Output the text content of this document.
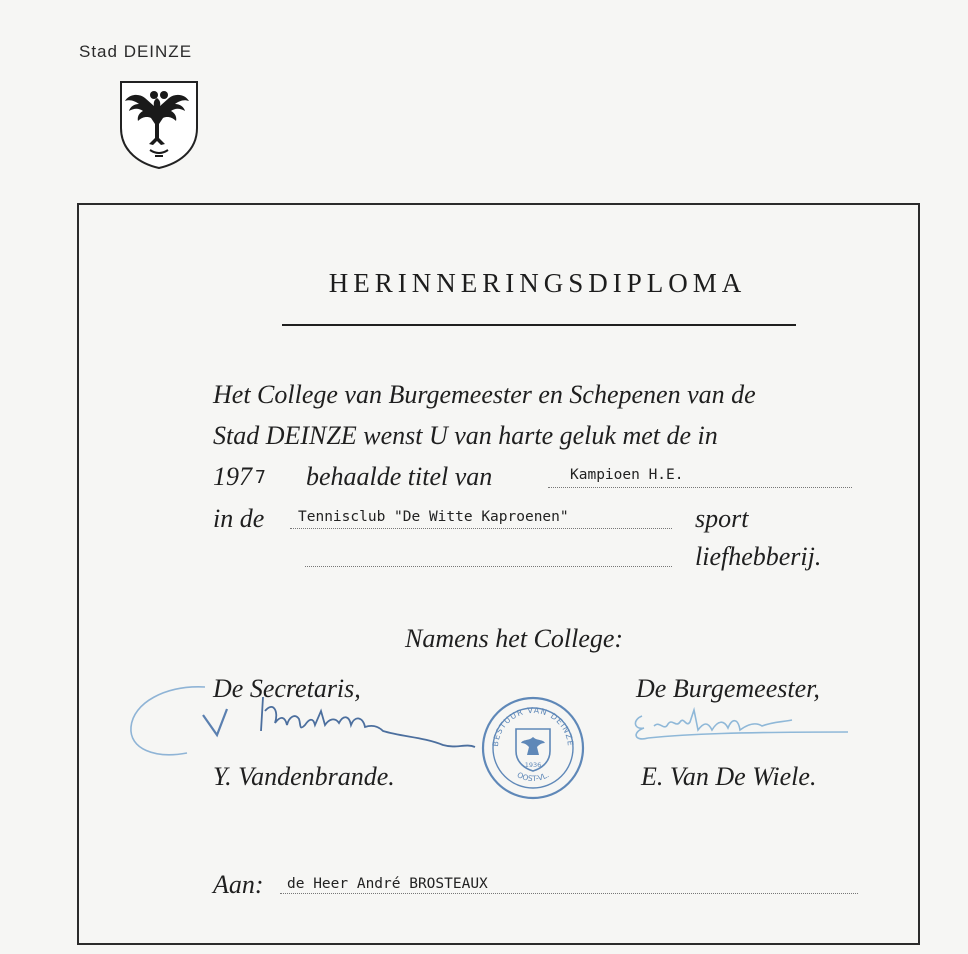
Stad DEINZE
HERINNERINGSDIPLOMA
Het College van Burgemeester en Schepenen van de
Stad DEINZE wenst U van harte geluk met de in
197 7 behaalde titel van	Kampioen H.E.
in de Tennisclub "De Witte Kaproenen"	sport
liefhebberij.
Namens het College:
De Secretaris,	De Burgemeester,
BESTUUR VAN DEINZE
OOST-VL.
1936
Y. Vandenbrande.	E. Van De Wiele.
Aan: de Heer André BROSTEAUX
